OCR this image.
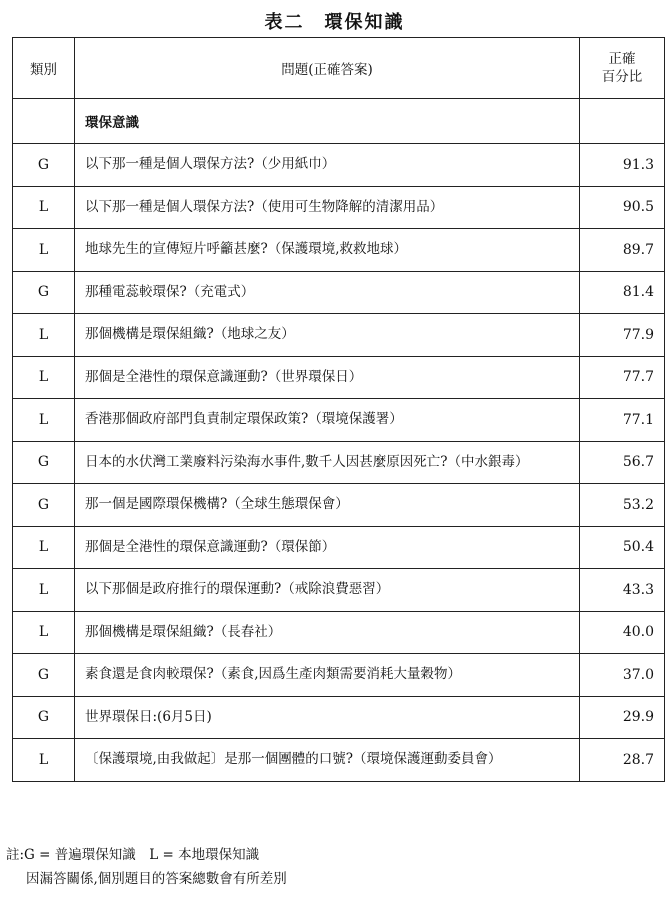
表二　環保知識
類別	問題(正確答案)	正確
百分比

	環保意識	
G	以下那一種是個人環保方法?（少用紙巾）	91.3
L	以下那一種是個人環保方法?（使用可生物降解的清潔用品）	90.5
L	地球先生的宣傳短片呼籲甚麼?（保護環境,救救地球）	89.7
G	那種電蕊較環保?（充電式）	81.4
L	那個機構是環保組織?（地球之友）	77.9
L	那個是全港性的環保意識運動?（世界環保日）	77.7
L	香港那個政府部門負責制定環保政策?（環境保護署）	77.1
G	日本的水伏灣工業廢料污染海水事件,數千人因甚麼原因死亡?（中水銀毒）	56.7
G	那一個是國際環保機構?（全球生態環保會）	53.2
L	那個是全港性的環保意識運動?（環保節）	50.4
L	以下那個是政府推行的環保運動?（戒除浪費惡習）	43.3
L	那個機構是環保組織?（長春社）	40.0
G	素食還是食肉較環保?（素食,因爲生產肉類需要消耗大量穀物）	37.0
G	世界環保日:(6月5日)	29.9
L	〔保護環境,由我做起〕是那一個團體的口號?（環境保護運動委員會）	28.7
註:G = 普遍環保知識　L = 本地環保知識
因漏答關係,個別題目的答案總數會有所差別
